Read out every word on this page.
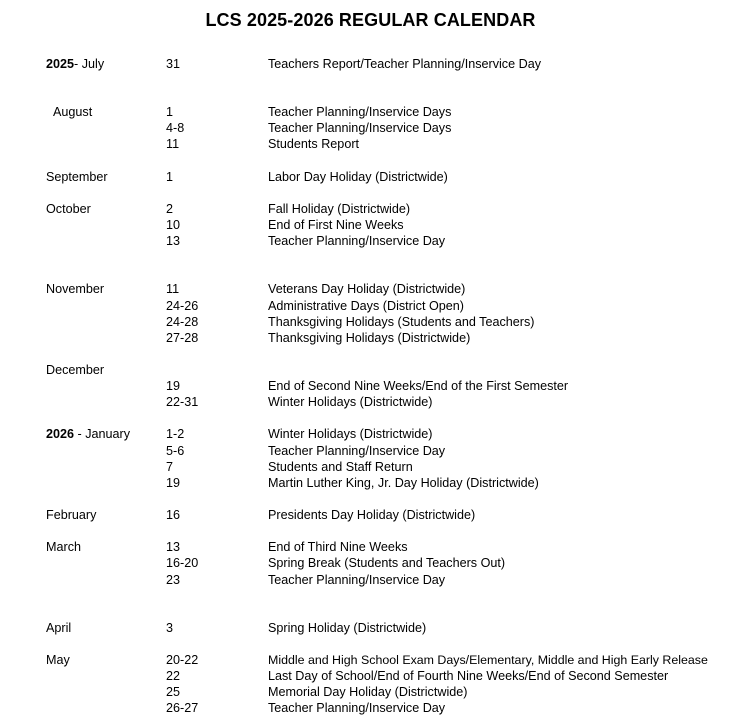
LCS 2025-2026 REGULAR CALENDAR
2025- July	31	Teachers Report/Teacher Planning/Inservice Day
August	1	Teacher Planning/Inservice Days
4-8	Teacher Planning/Inservice Days
11	Students Report
September	1	Labor Day Holiday (Districtwide)
October	2	Fall Holiday (Districtwide)
10	End of First Nine Weeks
13	Teacher Planning/Inservice Day
November	11	Veterans Day Holiday (Districtwide)
24-26	Administrative Days (District Open)
24-28	Thanksgiving Holidays (Students and Teachers)
27-28	Thanksgiving Holidays (Districtwide)
December
19	End of Second Nine Weeks/End of the First Semester
22-31	Winter Holidays (Districtwide)
2026 - January	1-2	Winter Holidays (Districtwide)
5-6	Teacher Planning/Inservice Day
7	Students and Staff Return
19	Martin Luther King, Jr. Day Holiday (Districtwide)
February	16	Presidents Day Holiday (Districtwide)
March	13	End of Third Nine Weeks
16-20	Spring Break (Students and Teachers Out)
23	Teacher Planning/Inservice Day
April	3	Spring Holiday (Districtwide)
May	20-22	Middle and High School Exam Days/Elementary, Middle and High Early Release
22	Last Day of School/End of Fourth Nine Weeks/End of Second Semester
25	Memorial Day Holiday (Districtwide)
26-27	Teacher Planning/Inservice Day
